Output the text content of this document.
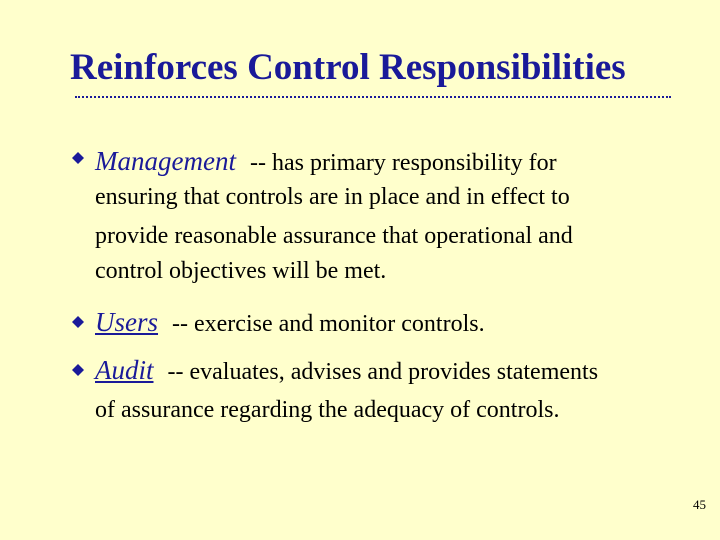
Reinforces Control Responsibilities
Management -- has primary responsibility for
ensuring that controls are in place and in effect to
provide reasonable assurance that operational and
control objectives will be met.
Users -- exercise and monitor controls.
Audit -- evaluates, advises and provides statements
of assurance regarding the adequacy of controls.
45
